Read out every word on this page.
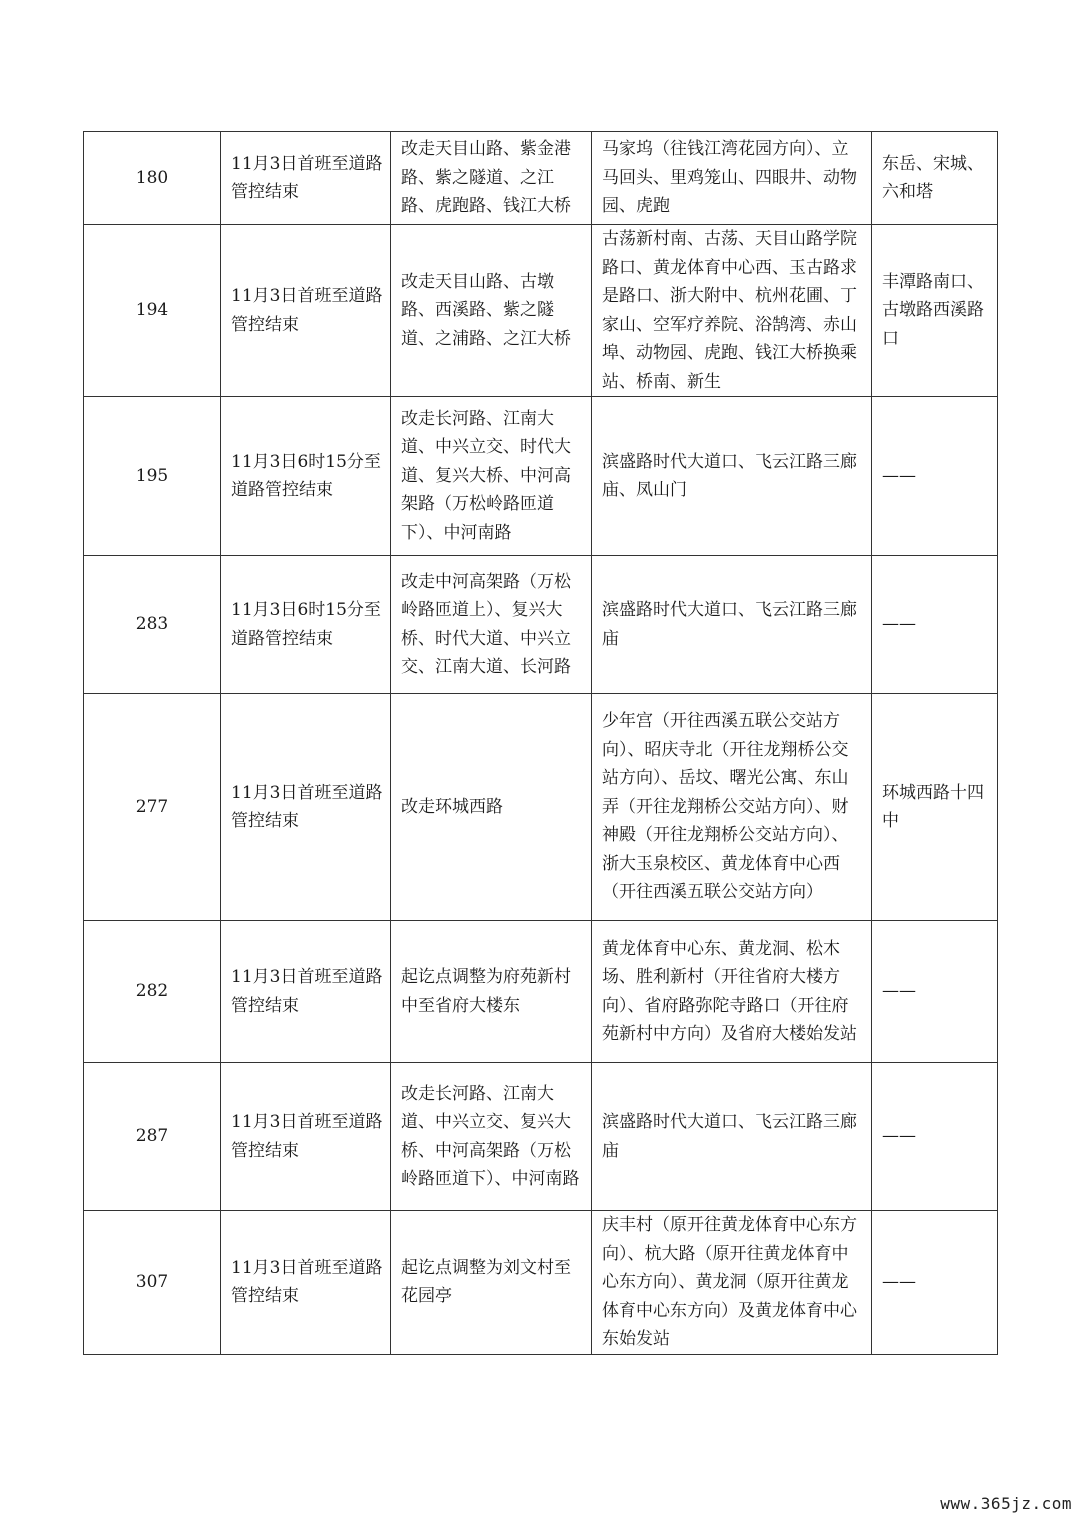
180	11月3日首班至道路管控结束	改走天目山路、紫金港路、紫之隧道、之江路、虎跑路、钱江大桥	马家坞（往钱江湾花园方向）、立马回头、里鸡笼山、四眼井、动物园、虎跑	东岳、宋城、六和塔
194	11月3日首班至道路管控结束	改走天目山路、古墩路、西溪路、紫之隧道、之浦路、之江大桥	古荡新村南、古荡、天目山路学院路口、黄龙体育中心西、玉古路求是路口、浙大附中、杭州花圃、丁家山、空军疗养院、浴鹄湾、赤山埠、动物园、虎跑、钱江大桥换乘站、桥南、新生	丰潭路南口、古墩路西溪路口
195	11月3日6时15分至道路管控结束	改走长河路、江南大道、中兴立交、时代大道、复兴大桥、中河高架路（万松岭路匝道下）、中河南路	滨盛路时代大道口、飞云江路三廊庙、凤山门	——
283	11月3日6时15分至道路管控结束	改走中河高架路（万松岭路匝道上）、复兴大桥、时代大道、中兴立交、江南大道、长河路	滨盛路时代大道口、飞云江路三廊庙	——
277	11月3日首班至道路管控结束	改走环城西路	少年宫（开往西溪五联公交站方向）、昭庆寺北（开往龙翔桥公交站方向）、岳坟、曙光公寓、东山弄（开往龙翔桥公交站方向）、财神殿（开往龙翔桥公交站方向）、浙大玉泉校区、黄龙体育中心西（开往西溪五联公交站方向）	环城西路十四中
282	11月3日首班至道路管控结束	起讫点调整为府苑新村中至省府大楼东	黄龙体育中心东、黄龙洞、松木场、胜利新村（开往省府大楼方向）、省府路弥陀寺路口（开往府苑新村中方向）及省府大楼始发站	——
287	11月3日首班至道路管控结束	改走长河路、江南大道、中兴立交、复兴大桥、中河高架路（万松岭路匝道下）、中河南路	滨盛路时代大道口、飞云江路三廊庙	——
307	11月3日首班至道路管控结束	起讫点调整为刘文村至花园亭	庆丰村（原开往黄龙体育中心东方向）、杭大路（原开往黄龙体育中心东方向）、黄龙洞（原开往黄龙体育中心东方向）及黄龙体育中心东始发站	——
www.365jz.com
